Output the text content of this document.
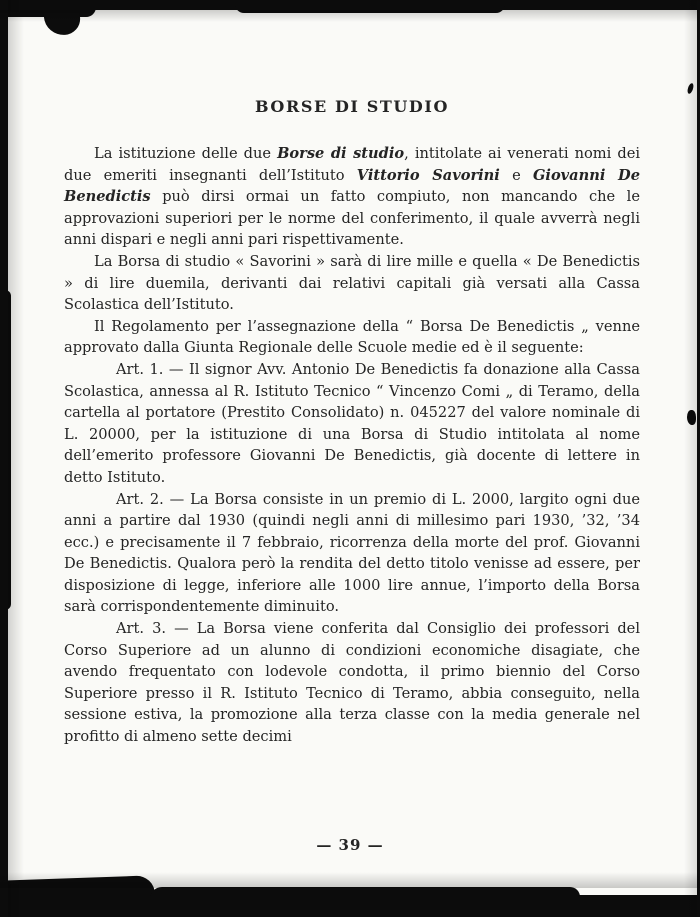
BORSE DI STUDIO

La istituzione delle due Borse di studio, intitolate ai venerati nomi dei due emeriti insegnanti dell’Istituto Vittorio Savorini e Giovanni De Benedictis può dirsi ormai un fatto compiuto, non mancando che le approvazioni superiori per le norme del conferimento, il quale avverrà negli anni dispari e negli anni pari rispettivamente.

La Borsa di studio « Savorini » sarà di lire mille e quella « De Benedictis » di lire duemila, derivanti dai relativi capitali già versati alla Cassa Scolastica dell’Istituto.

Il Regolamento per l’assegnazione della “ Borsa De Benedictis „ venne approvato dalla Giunta Regionale delle Scuole medie ed è il seguente:

Art. 1. — Il signor Avv. Antonio De Benedictis fa donazione alla Cassa Scolastica, annessa al R. Istituto Tecnico “ Vincenzo Comi „ di Teramo, della cartella al portatore (Prestito Consolidato) n. 045227 del valore nominale di L. 20000, per la istituzione di una Borsa di Studio intitolata al nome dell’emerito professore Giovanni De Benedictis, già docente di lettere in detto Istituto.

Art. 2. — La Borsa consiste in un premio di L. 2000, largito ogni due anni a partire dal 1930 (quindi negli anni di millesimo pari 1930, ’32, ’34 ecc.) e precisamente il 7 febbraio, ricorrenza della morte del prof. Giovanni De Benedictis. Qualora però la rendita del detto titolo venisse ad essere, per disposizione di legge, inferiore alle 1000 lire annue, l’importo della Borsa sarà corrispondentemente diminuito.

Art. 3. — La Borsa viene conferita dal Consiglio dei professori del Corso Superiore ad un alunno di condizioni economiche disagiate, che avendo frequentato con lodevole condotta, il primo biennio del Corso Superiore presso il R. Istituto Tecnico di Teramo, abbia conseguito, nella sessione estiva, la promozione alla terza classe con la media generale nel profitto di almeno sette decimi

— 39 —
